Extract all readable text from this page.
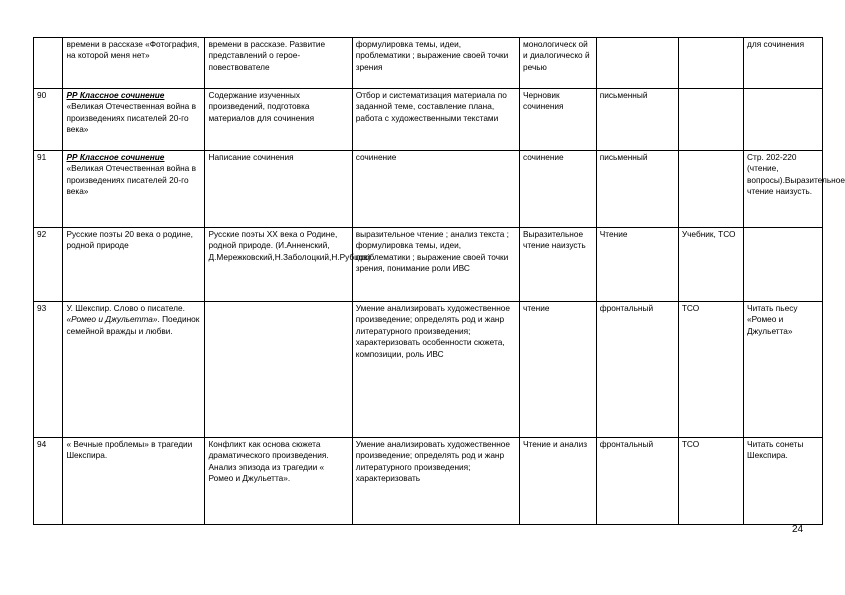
	времени в рассказе «Фотография, на которой меня нет»	времени в рассказе. Развитие представлений о герое-повествователе	формулировка темы, идеи, проблематики ; выражение своей точки зрения	монологическ ой и диалогическо й речью			для сочинения
90	РР Классное сочинение «Великая Отечественная война в произведениях писателей 20-го века»	Содержание изученных произведений, подготовка материалов для сочинения	Отбор и систематизация материала по заданной теме, составление плана, работа с художественными текстами	Черновик сочинения	письменный		
91	РР Классное сочинение «Великая Отечественная война в произведениях писателей 20-го века»	Написание сочинения	сочинение	сочинение	письменный		Стр. 202-220 (чтение, вопросы).Выразительное чтение наизусть.
92	Русские поэты 20 века о родине, родной природе	Русские поэты XX века о Родине, родной природе. (И.Анненский, Д.Мережковский,Н.Заболоцкий,Н.Рубцов)	выразительное чтение ; анализ текста ; формулировка темы, идеи, проблематики ; выражение своей точки зрения, понимание роли ИВС	Выразительное чтение наизусть	Чтение	Учебник, ТСО	
93	У. Шекспир. Слово о писателе. «Ромео и Джульетта». Поединок семейной вражды и любви.		Умение анализировать художественное произведение; определять род и жанр литературного произведения; характеризовать особенности сюжета, композиции, роль ИВС	чтение	фронтальный	ТСО	Читать пьесу «Ромео и Джульетта»
94	« Вечные проблемы» в трагедии Шекспира.	Конфликт как основа сюжета драматического произведения. Анализ эпизода из трагедии « Ромео и Джульетта».	Умение анализировать художественное произведение; определять род и жанр литературного произведения; характеризовать	Чтение и анализ	фронтальный	ТСО	Читать сонеты Шекспира.
24
